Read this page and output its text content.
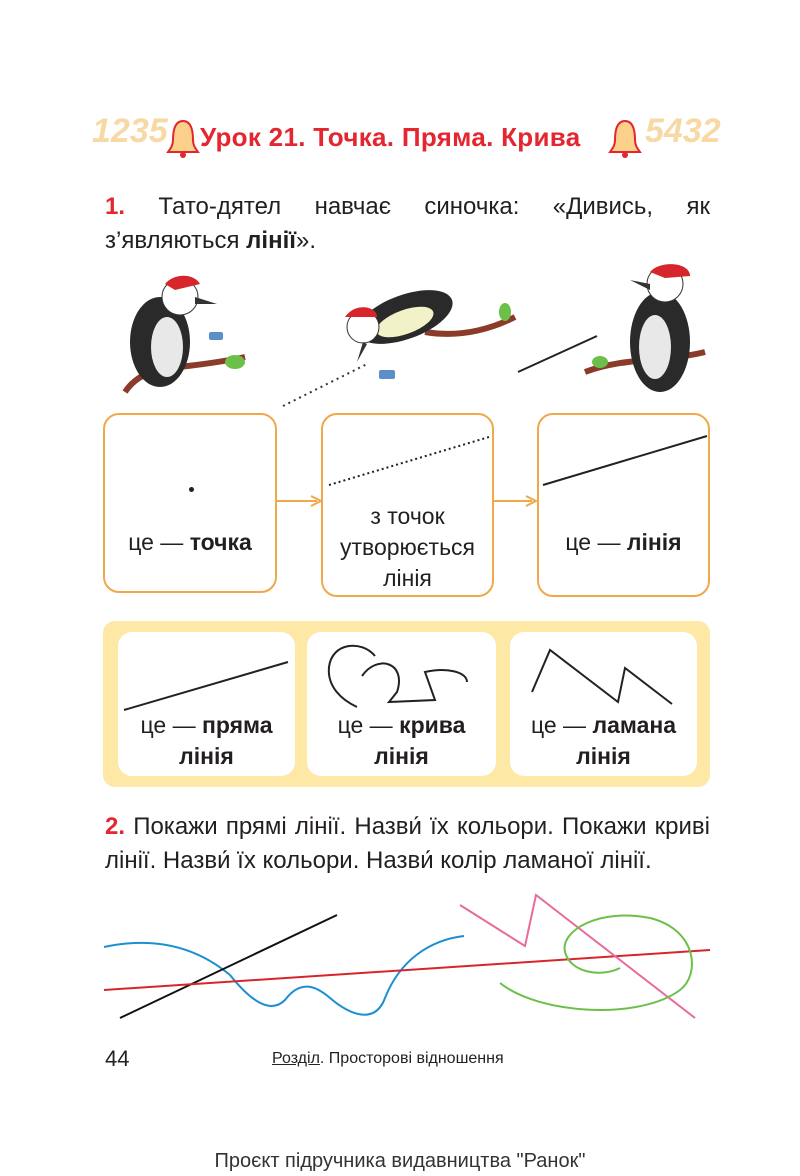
1235	5432
Урок 21. Точка. Пряма. Крива
1. Тато-дятел навчає синочка: «Дивись, як з’являються лінії».
це — точка
з точок
утворюється
лінія
це — лінія
це — пряма
лінія
це — крива
лінія
це — ламана
лінія
2. Покажи прямі лінії. Назви́ їх кольори. Покажи криві лінії. Назви́ їх кольори. Назви́ колір ламаної лінії.
44	Розділ. Просторові відношення
Проєкт підручника видавництва "Ранок"
